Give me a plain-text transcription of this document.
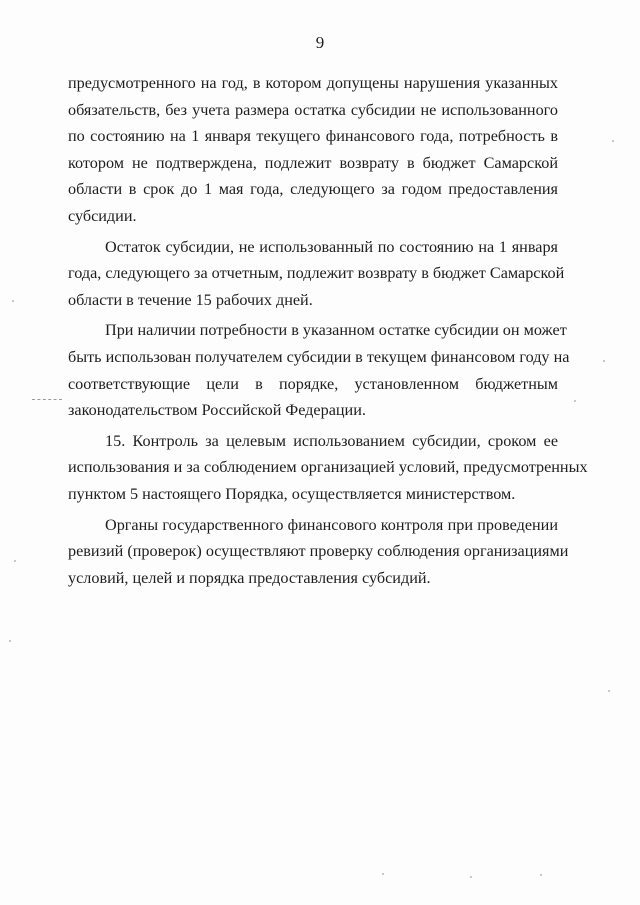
9
предусмотренного на год, в котором допущены нарушения указанных
обязательств, без учета размера остатка субсидии не использованного
по состоянию на 1 января текущего финансового года, потребность в
котором не подтверждена, подлежит возврату в бюджет Самарской
области в срок до 1 мая года, следующего за годом предоставления
субсидии.
Остаток субсидии, не использованный по состоянию на 1 января
года, следующего за отчетным, подлежит возврату в бюджет Самарской
области в течение 15 рабочих дней.
При наличии потребности в указанном остатке субсидии он может
быть использован получателем субсидии в текущем финансовом году на
соответствующие цели в порядке, установленном бюджетным
законодательством Российской Федерации.
15. Контроль за целевым использованием субсидии, сроком ее
использования и за соблюдением организацией условий, предусмотренных
пунктом 5 настоящего Порядка, осуществляется министерством.
Органы государственного финансового контроля при проведении
ревизий (проверок) осуществляют проверку соблюдения организациями
условий, целей и порядка предоставления субсидий.
